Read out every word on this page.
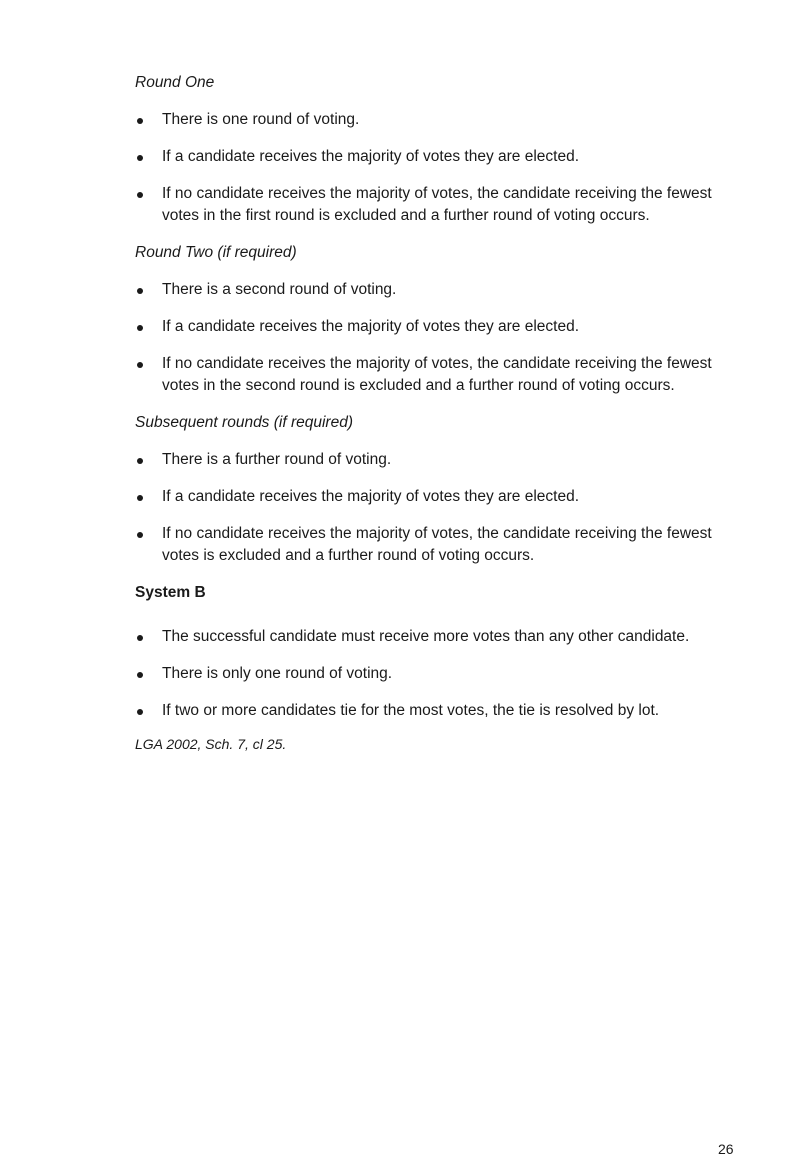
Round One

There is one round of voting.
If a candidate receives the majority of votes they are elected.
If no candidate receives the majority of votes, the candidate receiving the fewest votes in the first round is excluded and a further round of voting occurs.

Round Two (if required)

There is a second round of voting.
If a candidate receives the majority of votes they are elected.
If no candidate receives the majority of votes, the candidate receiving the fewest votes in the second round is excluded and a further round of voting occurs.

Subsequent rounds (if required)

There is a further round of voting.
If a candidate receives the majority of votes they are elected.
If no candidate receives the majority of votes, the candidate receiving the fewest votes is excluded and a further round of voting occurs.

System B

The successful candidate must receive more votes than any other candidate.
There is only one round of voting.
If two or more candidates tie for the most votes, the tie is resolved by lot.

LGA 2002, Sch. 7, cl 25.

26
